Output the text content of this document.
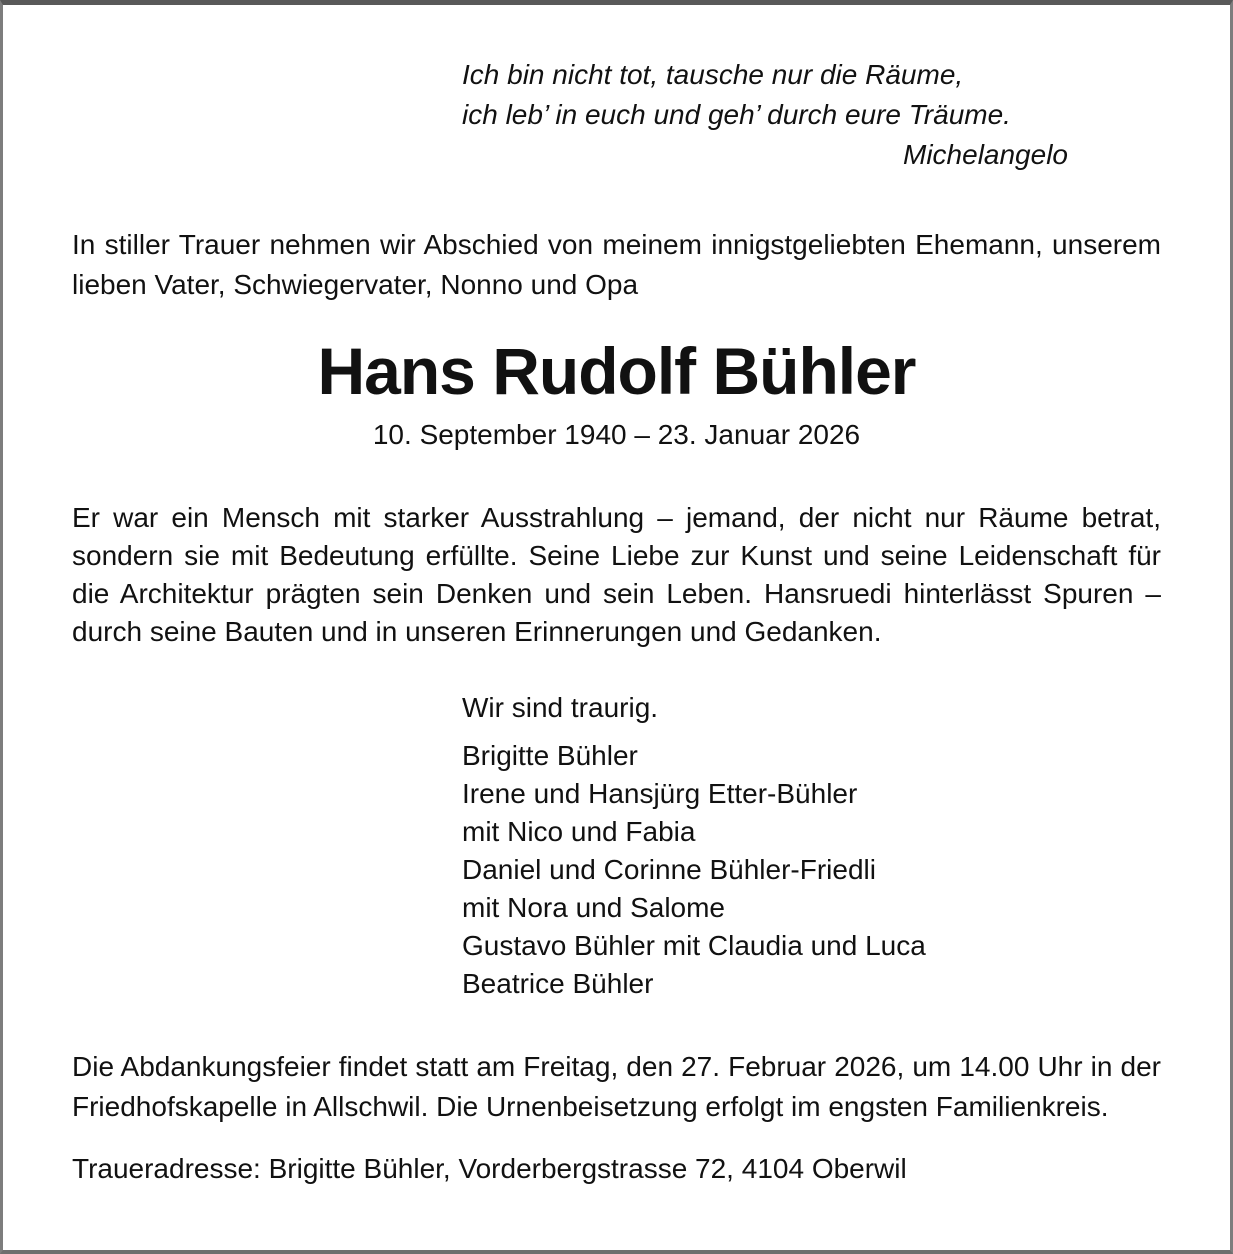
Ich bin nicht tot, tausche nur die Räume,
ich leb’ in euch und geh’ durch eure Träume.
Michelangelo
In stiller Trauer nehmen wir Abschied von meinem innigstgeliebten Ehemann, unserem lieben Vater, Schwiegervater, Nonno und Opa
Hans Rudolf Bühler
10. September 1940 – 23. Januar 2026
Er war ein Mensch mit starker Ausstrahlung – jemand, der nicht nur Räume betrat, sondern sie mit Bedeutung erfüllte. Seine Liebe zur Kunst und seine Leidenschaft für die Architektur prägten sein Denken und sein Leben. Hansruedi hinterlässt Spuren – durch seine Bauten und in unseren Erinnerungen und Gedanken.
Wir sind traurig.
Brigitte Bühler
Irene und Hansjürg Etter-Bühler
mit Nico und Fabia
Daniel und Corinne Bühler-Friedli
mit Nora und Salome
Gustavo Bühler mit Claudia und Luca
Beatrice Bühler
Die Abdankungsfeier findet statt am Freitag, den 27. Februar 2026, um 14.00 Uhr in der Friedhofskapelle in Allschwil. Die Urnenbeisetzung erfolgt im engsten Familienkreis.
Traueradresse: Brigitte Bühler, Vorderbergstrasse 72, 4104 Oberwil
